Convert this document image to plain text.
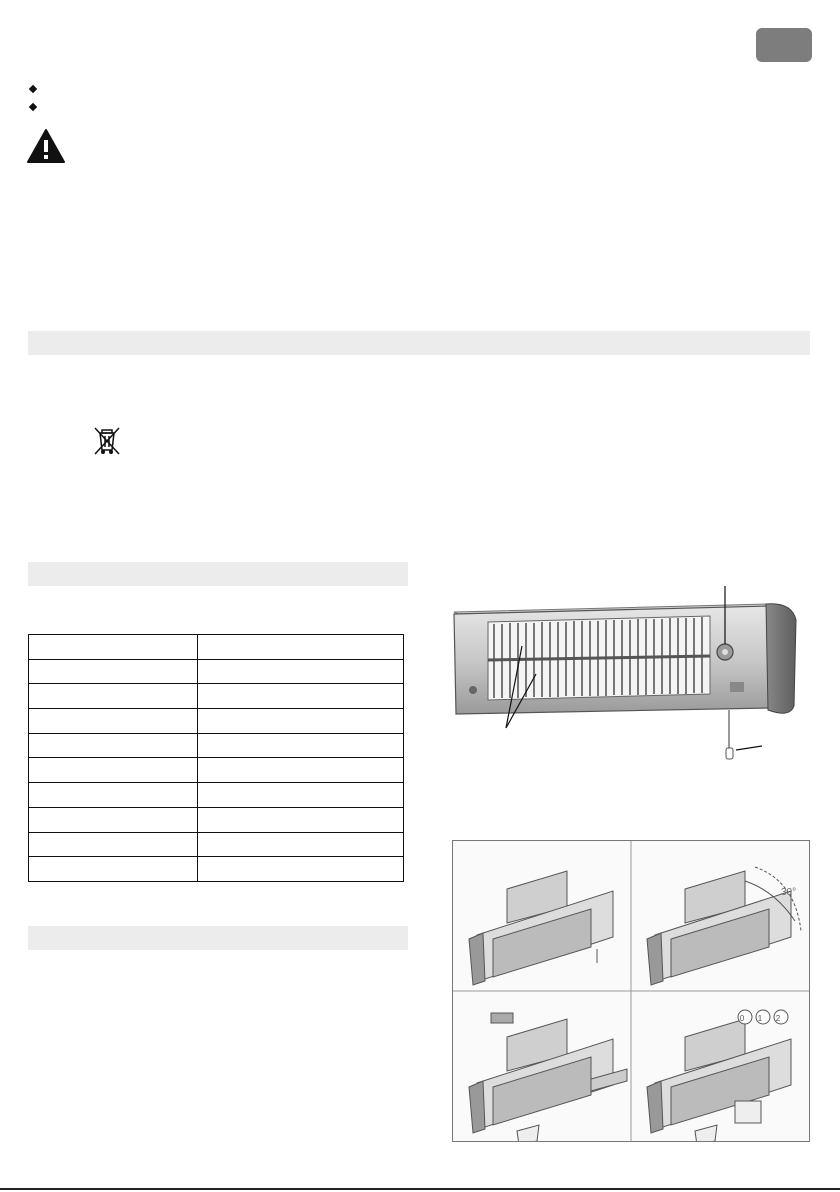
30°
0 1 2
